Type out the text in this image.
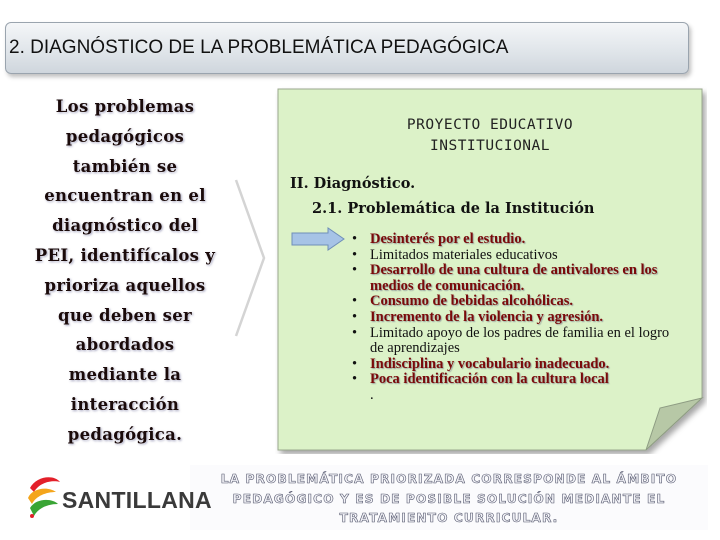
2. DIAGNÓSTICO DE LA PROBLEMÁTICA PEDAGÓGICA
Los problemas
pedagógicos
también se
encuentran en el
diagnóstico del
PEI, identifícalos y
prioriza aquellos
que deben ser
abordados
mediante la
interacción
pedagógica.
PROYECTO EDUCATIVO
INSTITUCIONAL
II. Diagnóstico.
2.1. Problemática de la Institución
• Desinterés por el estudio.
• Limitados materiales educativos
• Desarrollo de una cultura de antivalores en los medios de comunicación.
• Consumo de bebidas alcohólicas.
• Incremento de la violencia y agresión.
• Limitado apoyo de los padres de familia en el logro de aprendizajes
• Indisciplina y vocabulario inadecuado.
• Poca identificación con la cultura local
.
LA PROBLEMÁTICA PRIORIZADA CORRESPONDE AL ÁMBITO
PEDAGÓGICO Y ES DE POSIBLE SOLUCIÓN MEDIANTE EL
TRATAMIENTO CURRICULAR.
SANTILLANA
